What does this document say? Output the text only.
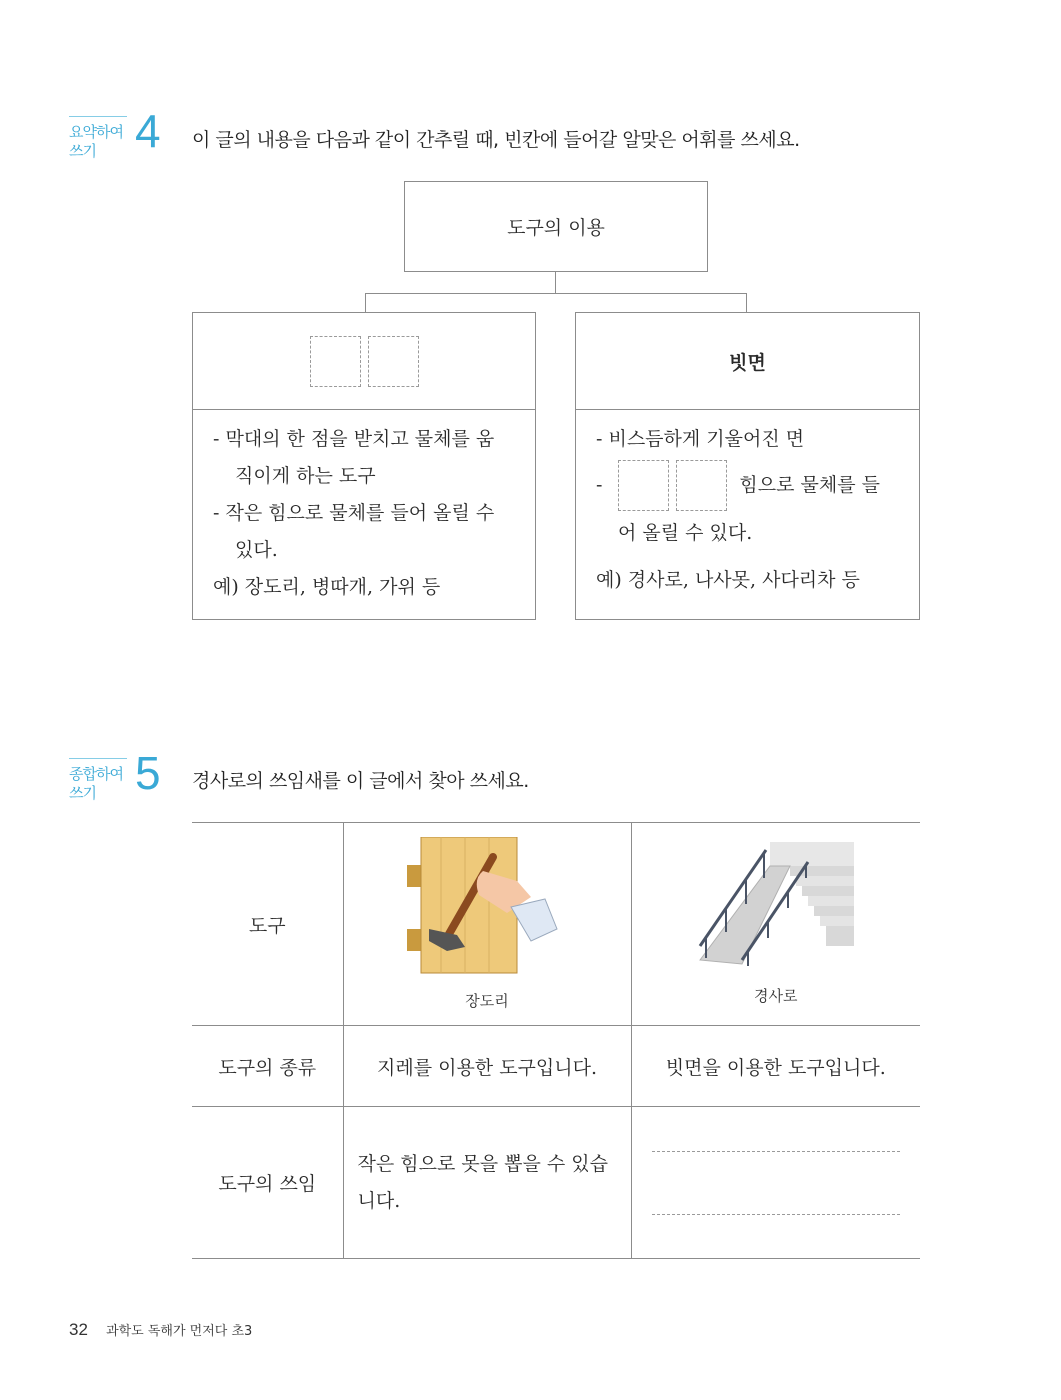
요약하여 쓰기 4 이 글의 내용을 다음과 같이 간추릴 때, 빈칸에 들어갈 알맞은 어휘를 쓰세요.
도구의 이용
- 막대의 한 점을 받치고 물체를 움
직이게 하는 도구
- 작은 힘으로 물체를 들어 올릴 수
있다.
예) 장도리, 병따개, 가위 등
빗면
- 비스듬하게 기울어진 면
-	힘으로 물체를 들
어 올릴 수 있다.
예) 경사로, 나사못, 사다리차 등
종합하여 쓰기 5 경사로의 쓰임새를 이 글에서 찾아 쓰세요.
도구	장도리	경사로

도구의 종류	지레를 이용한 도구입니다.	빗면을 이용한 도구입니다.
도구의 쓰임	작은 힘으로 못을 뽑을 수 있습니다.	
32 과학도 독해가 먼저다 초3
